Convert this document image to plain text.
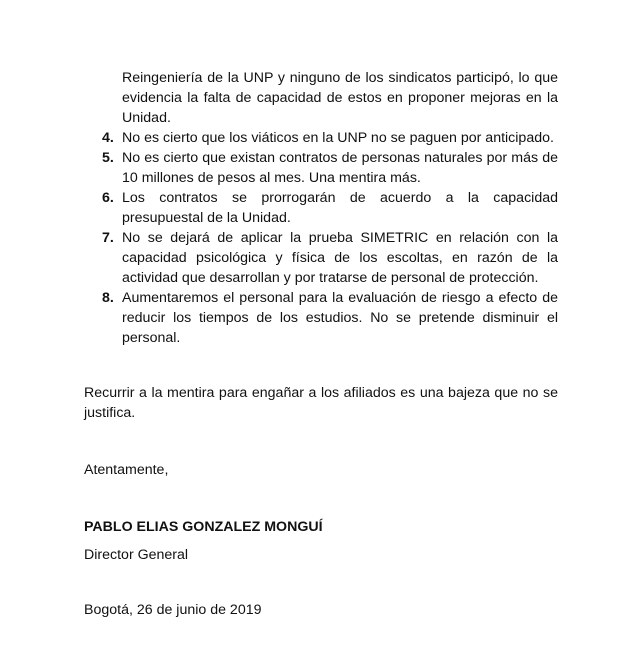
Reingeniería de la UNP y ninguno de los sindicatos participó, lo que evidencia la falta de capacidad de estos en proponer mejoras en la Unidad.
4. No es cierto que los viáticos en la UNP no se paguen por anticipado.
5. No es cierto que existan contratos de personas naturales por más de 10 millones de pesos al mes. Una mentira más.
6. Los contratos se prorrogarán de acuerdo a la capacidad presupuestal de la Unidad.
7. No se dejará de aplicar la prueba SIMETRIC en relación con la capacidad psicológica y física de los escoltas, en razón de la actividad que desarrollan y por tratarse de personal de protección.
8. Aumentaremos el personal para la evaluación de riesgo a efecto de reducir los tiempos de los estudios. No se pretende disminuir el personal.
Recurrir a la mentira para engañar a los afiliados es una bajeza que no se justifica.
Atentamente,
PABLO ELIAS GONZALEZ MONGUÍ
Director General
Bogotá, 26 de junio de 2019
